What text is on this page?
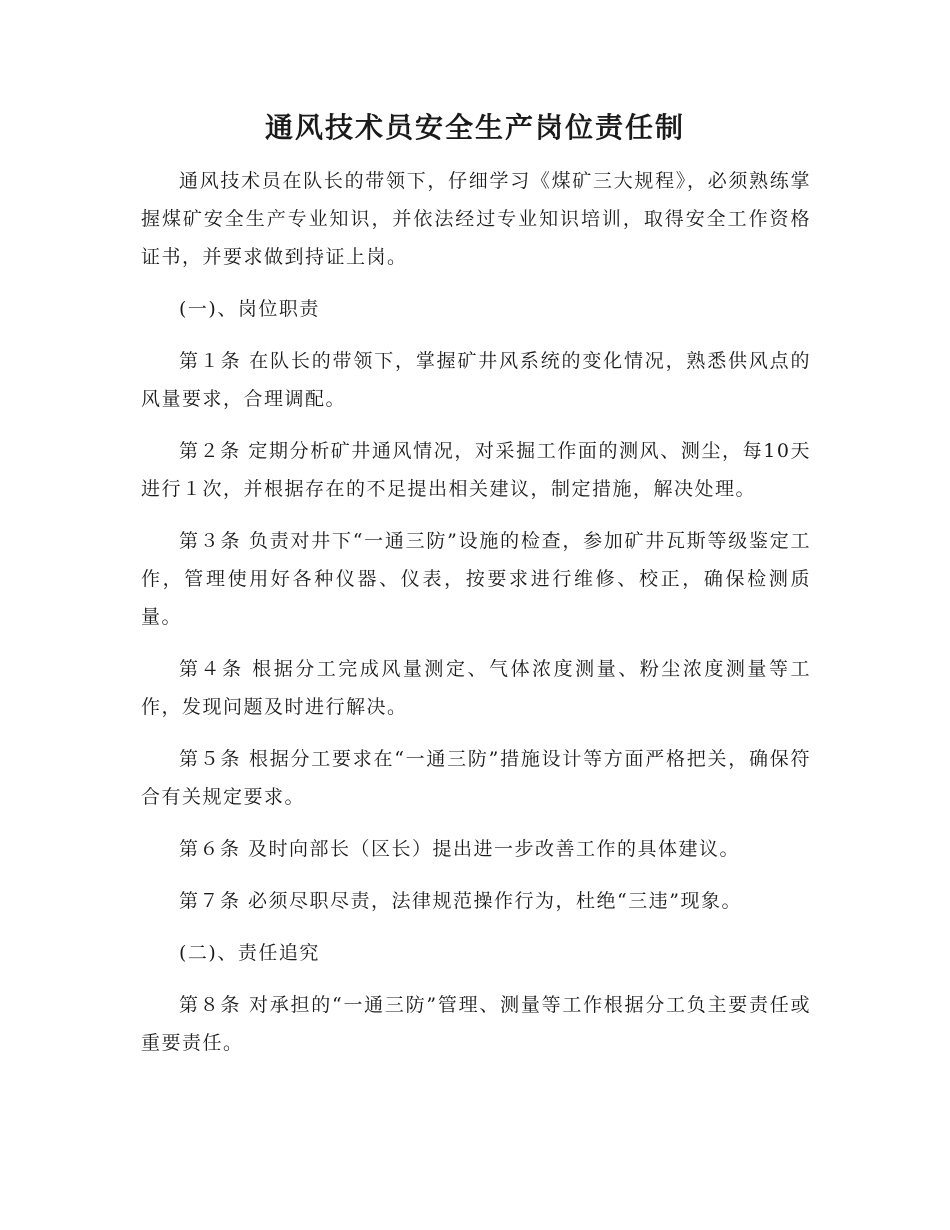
通风技术员安全生产岗位责任制

通风技术员在队长的带领下，仔细学习《煤矿三大规程》，必须熟练掌握煤矿安全生产专业知识，并依法经过专业知识培训，取得安全工作资格证书，并要求做到持证上岗。

(一)、岗位职责

第１条 在队长的带领下，掌握矿井风系统的变化情况，熟悉供风点的风量要求，合理调配。

第２条 定期分析矿井通风情况，对采掘工作面的测风、测尘，每10天进行１次，并根据存在的不足提出相关建议，制定措施，解决处理。

第３条 负责对井下“一通三防”设施的检查，参加矿井瓦斯等级鉴定工作，管理使用好各种仪器、仪表，按要求进行维修、校正，确保检测质量。

第４条 根据分工完成风量测定、气体浓度测量、粉尘浓度测量等工作，发现问题及时进行解决。

第５条 根据分工要求在“一通三防”措施设计等方面严格把关，确保符合有关规定要求。

第６条 及时向部长（区长）提出进一步改善工作的具体建议。

第７条 必须尽职尽责，法律规范操作行为，杜绝“三违”现象。

(二)、责任追究

第８条 对承担的“一通三防”管理、测量等工作根据分工负主要责任或重要责任。
